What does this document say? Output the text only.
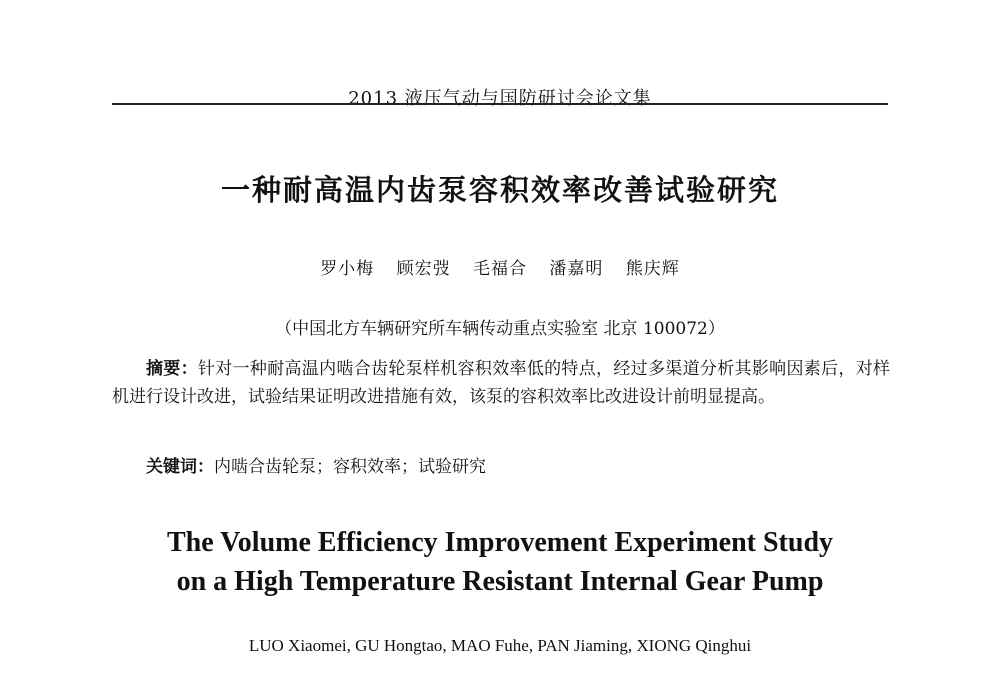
2013 液压气动与国防研讨会论文集
一种耐高温内齿泵容积效率改善试验研究
罗小梅 顾宏弢 毛福合 潘嘉明 熊庆辉
（中国北方车辆研究所车辆传动重点实验室 北京 100072）

摘要：针对一种耐高温内啮合齿轮泵样机容积效率低的特点，经过多渠道分析其影响因素后，对样机进行设计改进，试验结果证明改进措施有效，该泵的容积效率比改进设计前明显提高。

关键词：内啮合齿轮泵；容积效率；试验研究
The Volume Efficiency Improvement Experiment Study
on a High Temperature Resistant Internal Gear Pump
LUO Xiaomei, GU Hongtao, MAO Fuhe, PAN Jiaming, XIONG Qinghui
